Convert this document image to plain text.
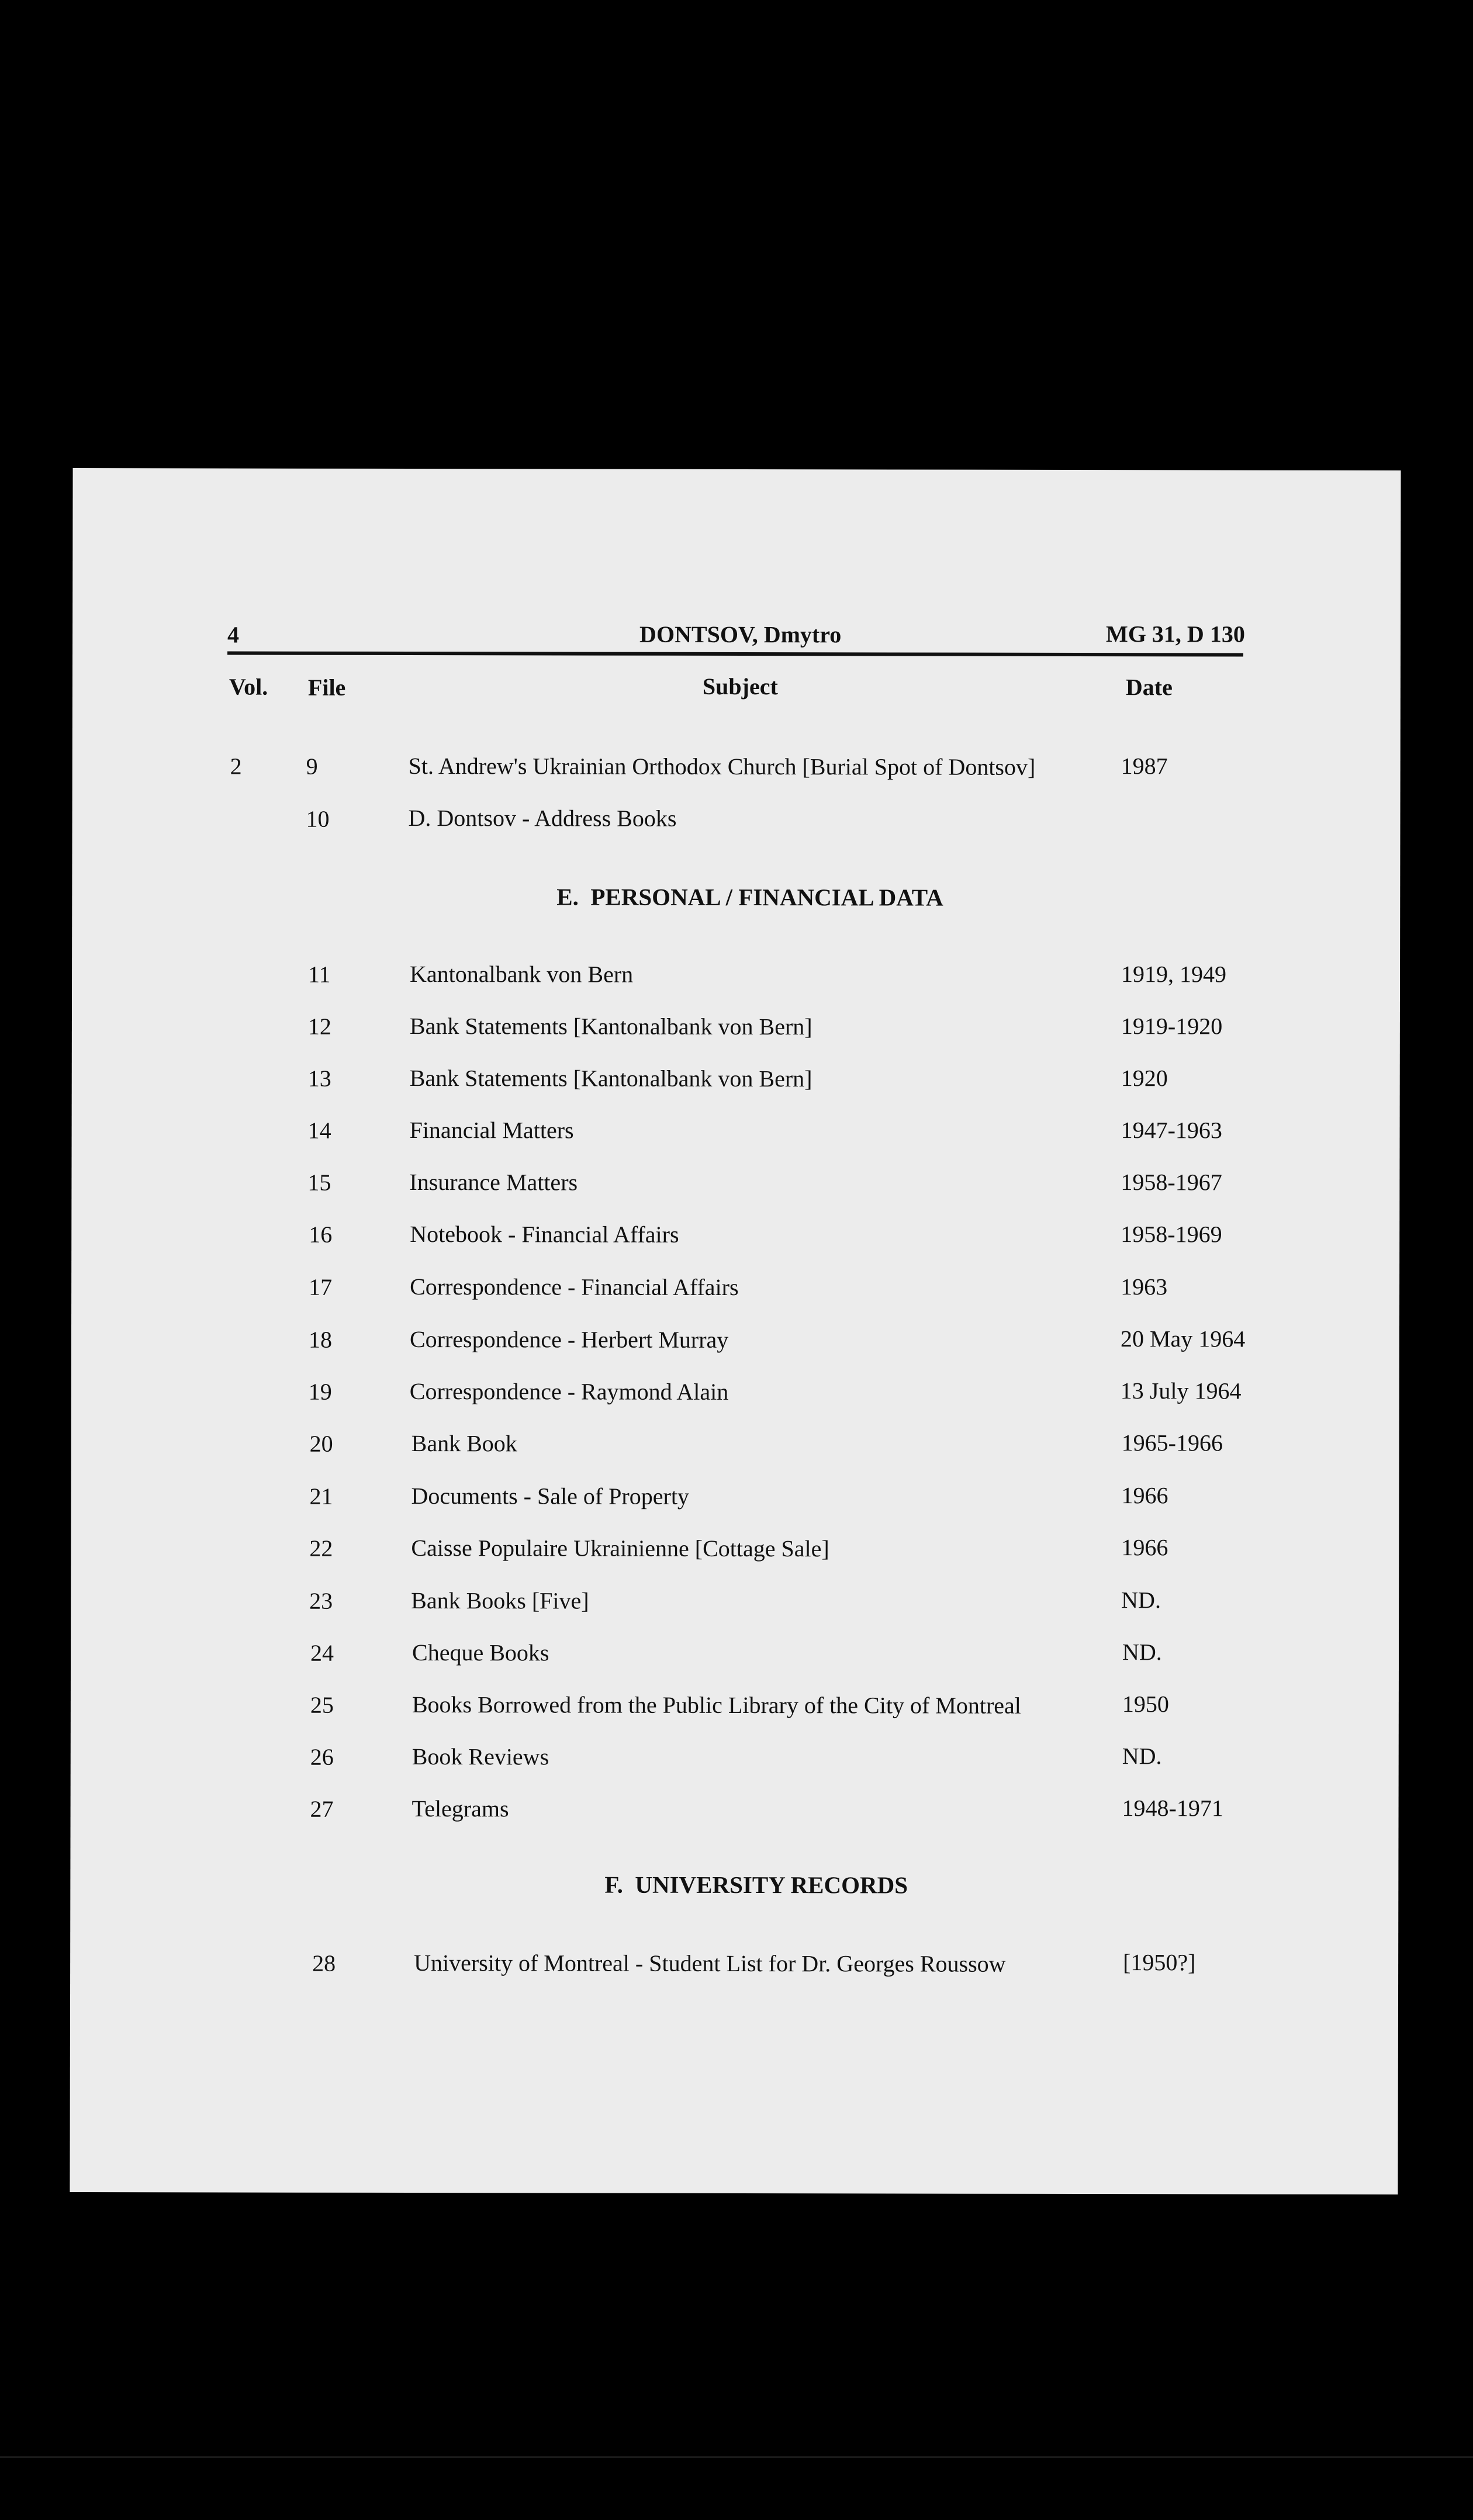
4	DONTSOV, Dmytro	MG 31, D 130
Vol. File	Subject	Date
2	9	St. Andrew's Ukrainian Orthodox Church [Burial Spot of Dontsov]	1987
10	D. Dontsov - Address Books
E.  PERSONAL / FINANCIAL DATA
11	Kantonalbank von Bern	1919, 1949
12	Bank Statements [Kantonalbank von Bern]	1919-1920
13	Bank Statements [Kantonalbank von Bern]	1920
14	Financial Matters	1947-1963
15	Insurance Matters	1958-1967
16	Notebook - Financial Affairs	1958-1969
17	Correspondence - Financial Affairs	1963
18	Correspondence - Herbert Murray	20 May 1964
19	Correspondence - Raymond Alain	13 July 1964
20	Bank Book	1965-1966
21	Documents - Sale of Property	1966
22	Caisse Populaire Ukrainienne [Cottage Sale]	1966
23	Bank Books [Five]	ND.
24	Cheque Books	ND.
25	Books Borrowed from the Public Library of the City of Montreal	1950
26	Book Reviews	ND.
27	Telegrams	1948-1971
F.  UNIVERSITY RECORDS
28	University of Montreal - Student List for Dr. Georges Roussow	[1950?]
